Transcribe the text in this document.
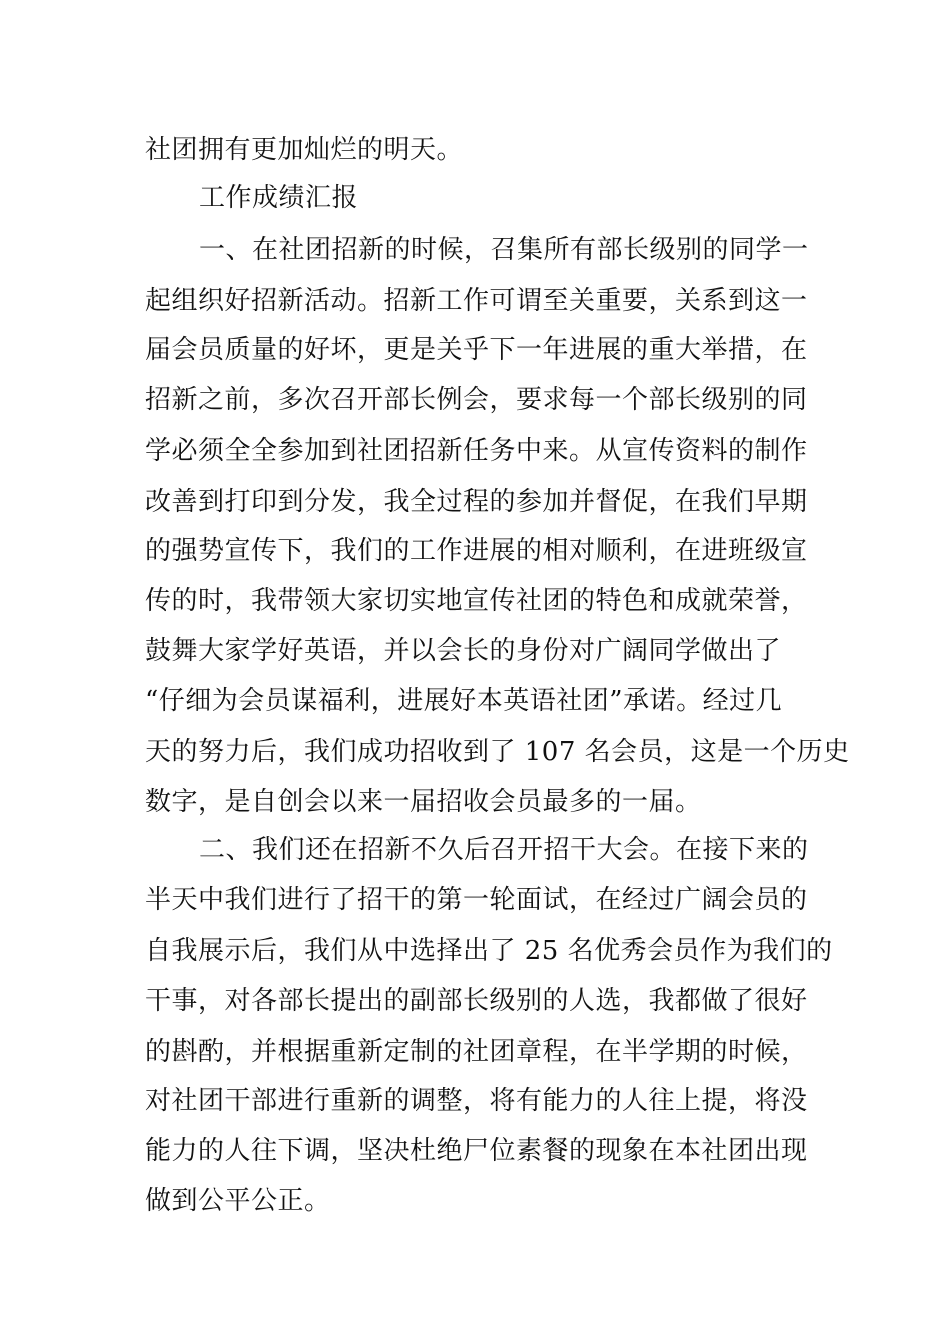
社团拥有更加灿烂的明天。
工作成绩汇报
一、在社团招新的时候，召集所有部长级别的同学一
起组织好招新活动。招新工作可谓至关重要，关系到这一
届会员质量的好坏，更是关乎下一年进展的重大举措，在
招新之前，多次召开部长例会，要求每一个部长级别的同
学必须全全参加到社团招新任务中来。从宣传资料的制作
改善到打印到分发，我全过程的参加并督促，在我们早期
的强势宣传下，我们的工作进展的相对顺利，在进班级宣
传的时，我带领大家切实地宣传社团的特色和成就荣誉，
鼓舞大家学好英语，并以会长的身份对广阔同学做出了
“仔细为会员谋福利，进展好本英语社团”承诺。经过几
天的努力后，我们成功招收到了 107 名会员，这是一个历史
数字，是自创会以来一届招收会员最多的一届。
二、我们还在招新不久后召开招干大会。在接下来的
半天中我们进行了招干的第一轮面试，在经过广阔会员的
自我展示后，我们从中选择出了 25 名优秀会员作为我们的
干事，对各部长提出的副部长级别的人选，我都做了很好
的斟酌，并根据重新定制的社团章程，在半学期的时候，
对社团干部进行重新的调整，将有能力的人往上提，将没
能力的人往下调，坚决杜绝尸位素餐的现象在本社团出现
做到公平公正。
